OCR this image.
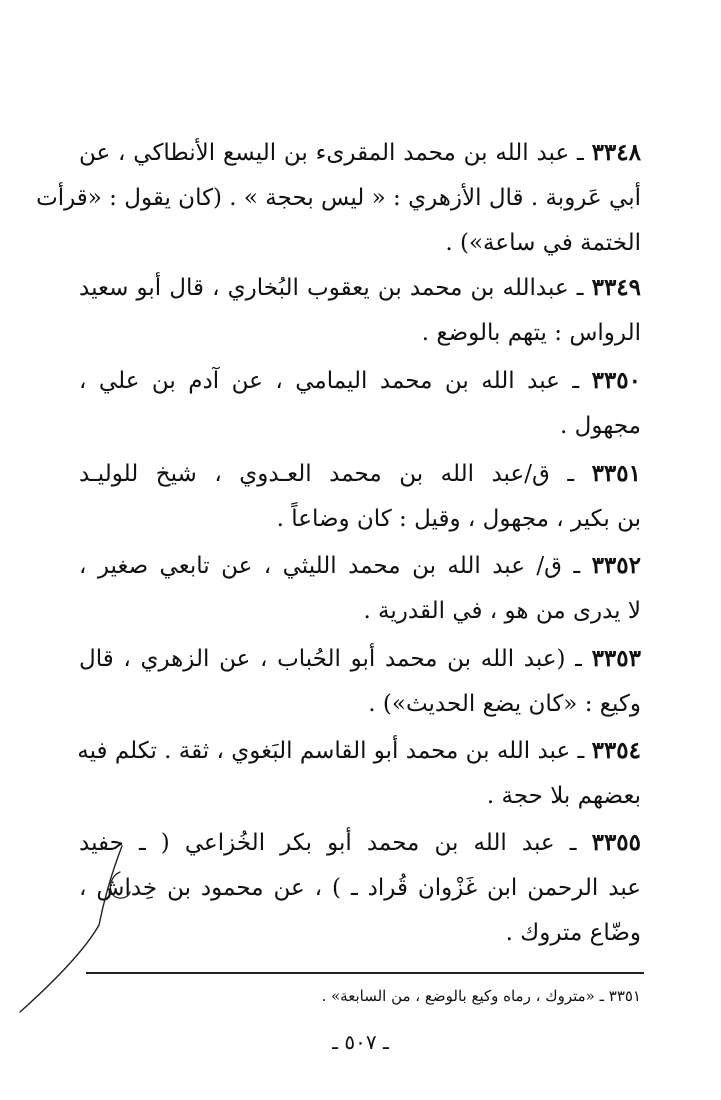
٣٣٤٨ ـ عبد الله بن محمد المقرىء بن اليسع الأنطاكي ، عن
أبي عَروبة . قال الأزهري : « ليس بحجة » . (كان يقول : «قرأت
الختمة في ساعة») .
٣٣٤٩ ـ عبدالله بن محمد بن يعقوب البُخاري ، قال أبو سعيد
الرواس : يتهم بالوضع .
٣٣٥٠ ـ عبد الله بن محمد اليمامي ، عن آدم بن علي ،
مجهول .
٣٣٥١ ـ ق/عبد الله بن محمد العـدوي ، شيخ للوليـد
بن بكير ، مجهول ، وقيل : كان وضاعاً .
٣٣٥٢ ـ ق/ عبد الله بن محمد الليثي ، عن تابعي صغير ،
لا يدرى من هو ، في القدرية .
٣٣٥٣ ـ (عبد الله بن محمد أبو الحُباب ، عن الزهري ، قال
وكيع : «كان يضع الحديث») .
٣٣٥٤ ـ عبد الله بن محمد أبو القاسم البَغوي ، ثقة . تكلم فيه
بعضهم بلا حجة .
٣٣٥٥ ـ عبد الله بن محمد أبو بكر الخُزاعي ( ـ حفيد
عبد الرحمن ابن غَزْوان قُراد ـ ) ، عن محمود بن خِداش ،
وضّاع متروك .
٣٣٥١ ـ «متروك ، رماه وكيع بالوضع ، من السابعة» .
ـ ٥٠٧ ـ
